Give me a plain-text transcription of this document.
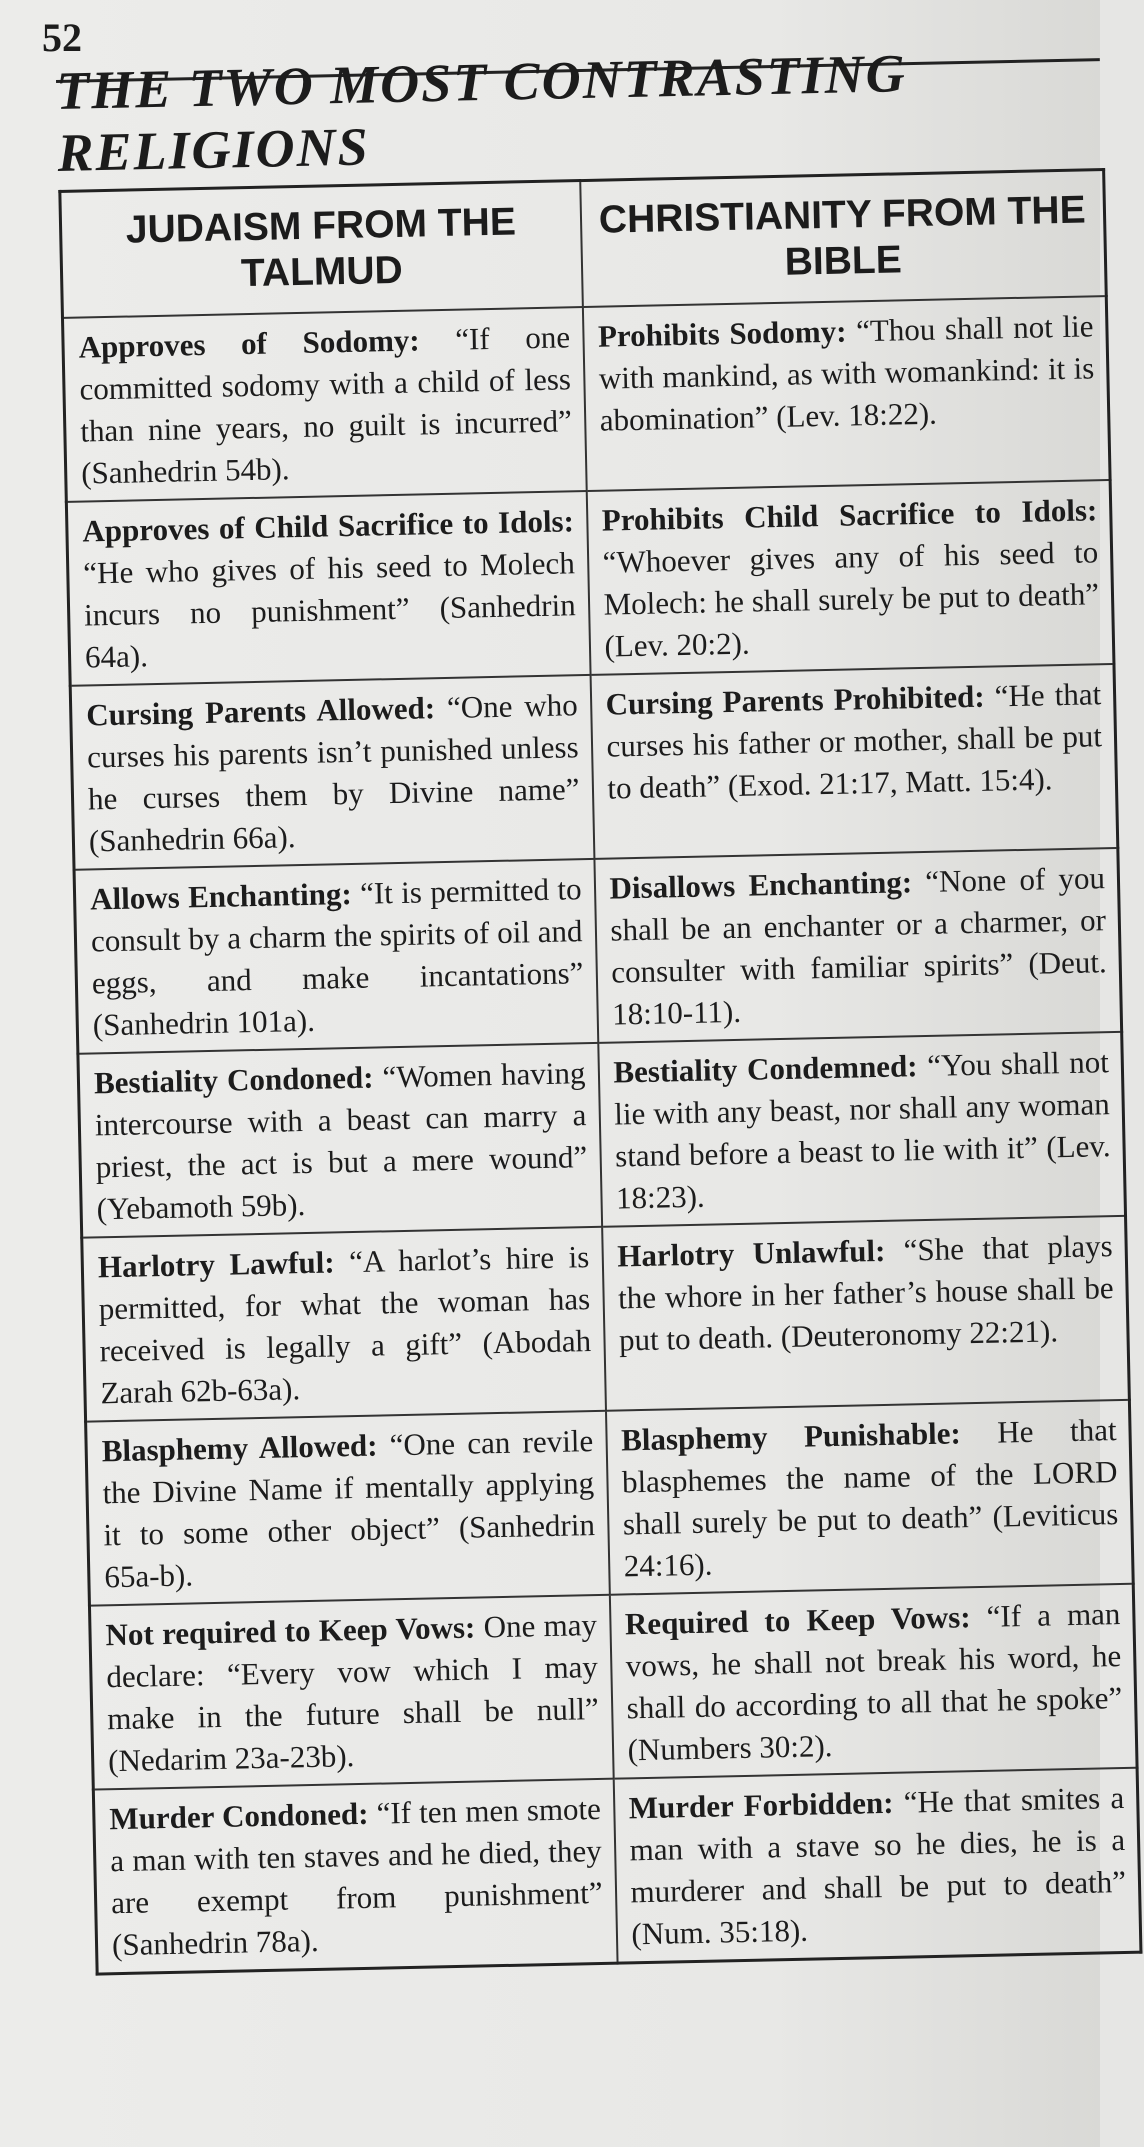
52
THE TWO MOST CONTRASTING RELIGIONS
JUDAISM FROM THE TALMUD	CHRISTIANITY FROM THE BIBLE
Approves of Sodomy: “If one committed sodomy with a child of less than nine years, no guilt is incurred” (Sanhedrin 54b).	Prohibits Sodomy: “Thou shall not lie with mankind, as with womankind: it is abomination” (Lev. 18:22).
Approves of Child Sacrifice to Idols: “He who gives of his seed to Molech incurs no punishment” (Sanhedrin 64a).	Prohibits Child Sacrifice to Idols: “Whoever gives any of his seed to Molech: he shall surely be put to death” (Lev. 20:2).
Cursing Parents Allowed: “One who curses his parents isn’t punished unless he curses them by Divine name” (Sanhedrin 66a).	Cursing Parents Prohibited: “He that curses his father or mother, shall be put to death” (Exod. 21:17, Matt. 15:4).
Allows Enchanting: “It is permitted to consult by a charm the spirits of oil and eggs, and make incantations” (Sanhedrin 101a).	Disallows Enchanting: “None of you shall be an enchanter or a charmer, or consulter with familiar spirits” (Deut. 18:10-11).
Bestiality Condoned: “Women having intercourse with a beast can marry a priest, the act is but a mere wound” (Yebamoth 59b).	Bestiality Condemned: “You shall not lie with any beast, nor shall any woman stand before a beast to lie with it” (Lev. 18:23).
Harlotry Lawful: “A harlot’s hire is permitted, for what the woman has received is legally a gift” (Abodah Zarah 62b-63a).	Harlotry Unlawful: “She that plays the whore in her father’s house shall be put to death. (Deuteronomy 22:21).
Blasphemy Allowed: “One can revile the Divine Name if mentally applying it to some other object” (Sanhedrin 65a-b).	Blasphemy Punishable: He that blasphemes the name of the LORD shall surely be put to death” (Leviticus 24:16).
Not required to Keep Vows: One may declare: “Every vow which I may make in the future shall be null” (Nedarim 23a-23b).	Required to Keep Vows: “If a man vows, he shall not break his word, he shall do according to all that he spoke” (Numbers 30:2).
Murder Condoned: “If ten men smote a man with ten staves and he died, they are exempt from punishment” (Sanhedrin 78a).	Murder Forbidden: “He that smites a man with a stave so he dies, he is a murderer and shall be put to death” (Num. 35:18).
